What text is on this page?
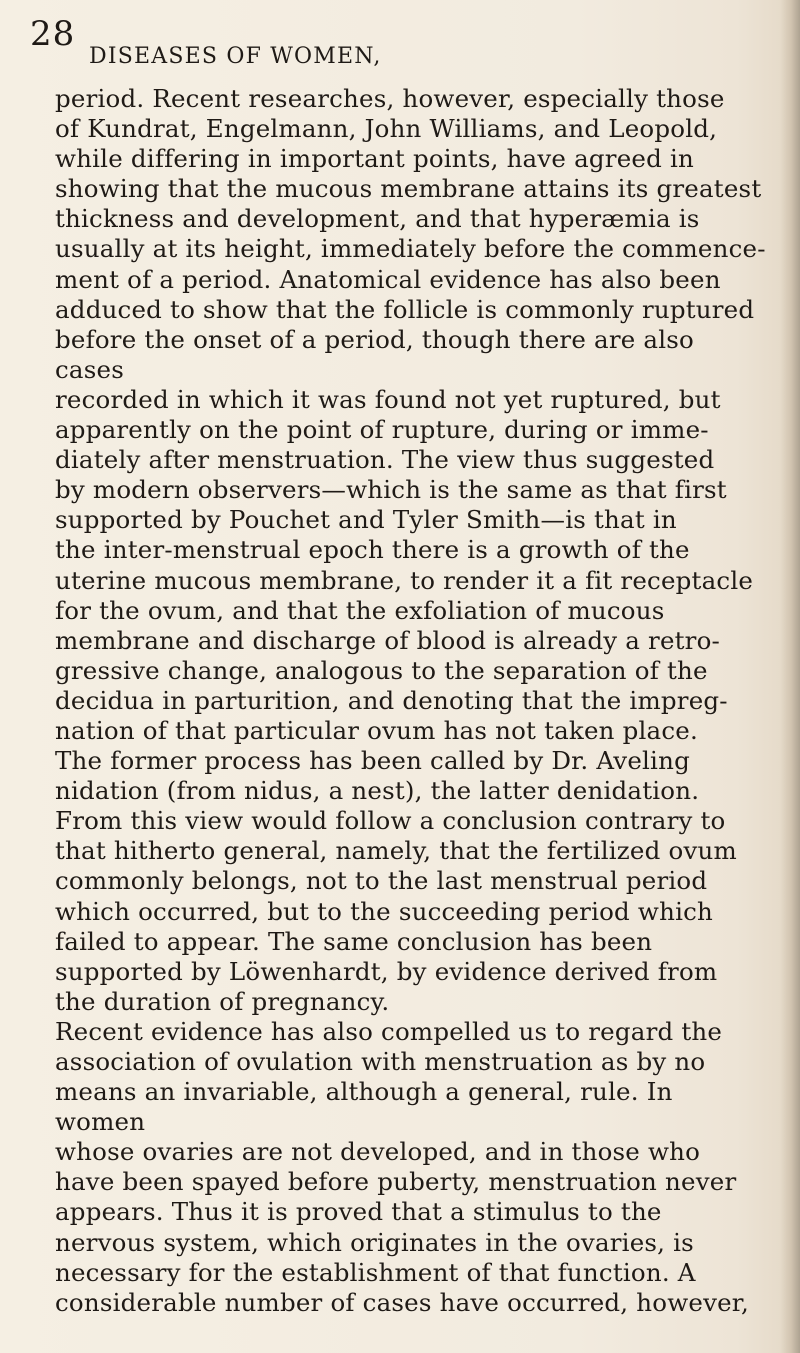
28
DISEASES OF WOMEN,

period. Recent researches, however, especially those
of Kundrat, Engelmann, John Williams, and Leopold,
while differing in important points, have agreed in
showing that the mucous membrane attains its greatest
thickness and development, and that hyperæmia is
usually at its height, immediately before the commence-
ment of a period. Anatomical evidence has also been
adduced to show that the follicle is commonly ruptured
before the onset of a period, though there are also cases
recorded in which it was found not yet ruptured, but
apparently on the point of rupture, during or imme-
diately after menstruation. The view thus suggested
by modern observers—which is the same as that first
supported by Pouchet and Tyler Smith—is that in
the inter-menstrual epoch there is a growth of the
uterine mucous membrane, to render it a fit receptacle
for the ovum, and that the exfoliation of mucous
membrane and discharge of blood is already a retro-
gressive change, analogous to the separation of the
decidua in parturition, and denoting that the impreg-
nation of that particular ovum has not taken place.
The former process has been called by Dr. Aveling
nidation (from nidus, a nest), the latter denidation.
From this view would follow a conclusion contrary to
that hitherto general, namely, that the fertilized ovum
commonly belongs, not to the last menstrual period
which occurred, but to the succeeding period which
failed to appear. The same conclusion has been
supported by Löwenhardt, by evidence derived from
the duration of pregnancy.

Recent evidence has also compelled us to regard the
association of ovulation with menstruation as by no
means an invariable, although a general, rule. In women
whose ovaries are not developed, and in those who
have been spayed before puberty, menstruation never
appears. Thus it is proved that a stimulus to the
nervous system, which originates in the ovaries, is
necessary for the establishment of that function. A
considerable number of cases have occurred, however,
